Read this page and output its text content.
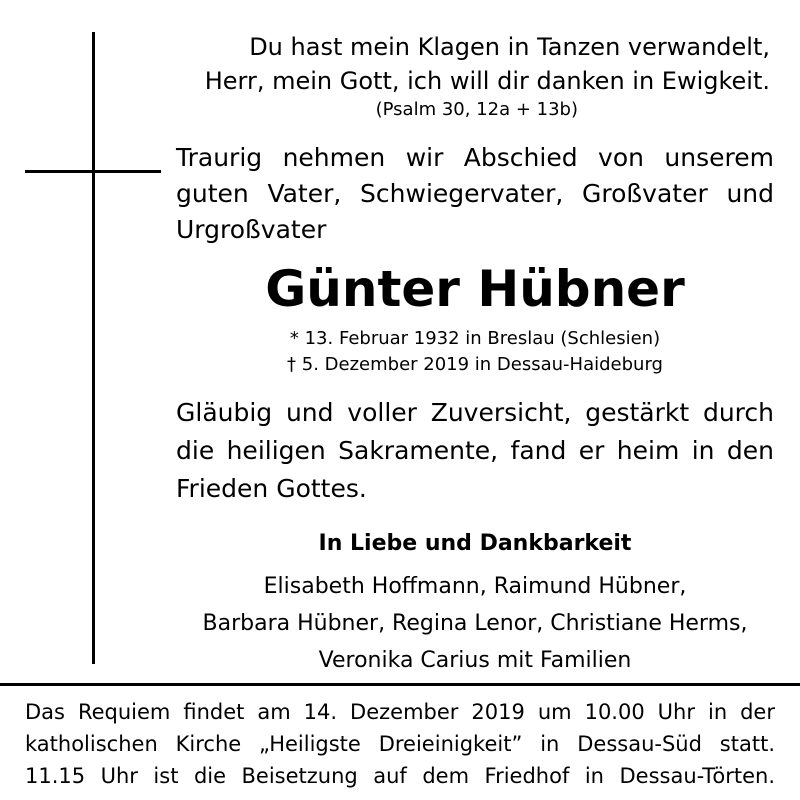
Du hast mein Klagen in Tanzen verwandelt,
Herr, mein Gott, ich will dir danken in Ewigkeit.
(Psalm 30, 12a + 13b)
Traurig nehmen wir Abschied von unserem
guten Vater, Schwiegervater, Großvater und
Urgroßvater
Günter Hübner
* 13. Februar 1932 in Breslau (Schlesien)
† 5. Dezember 2019 in Dessau-Haideburg
Gläubig und voller Zuversicht, gestärkt durch
die heiligen Sakramente, fand er heim in den
Frieden Gottes.
In Liebe und Dankbarkeit
Elisabeth Hoffmann, Raimund Hübner,
Barbara Hübner, Regina Lenor, Christiane Herms,
Veronika Carius mit Familien
Das Requiem findet am 14. Dezember 2019 um 10.00 Uhr in der
katholischen Kirche „Heiligste Dreieinigkeit” in Dessau-Süd statt.
11.15 Uhr ist die Beisetzung auf dem Friedhof in Dessau-Törten.
